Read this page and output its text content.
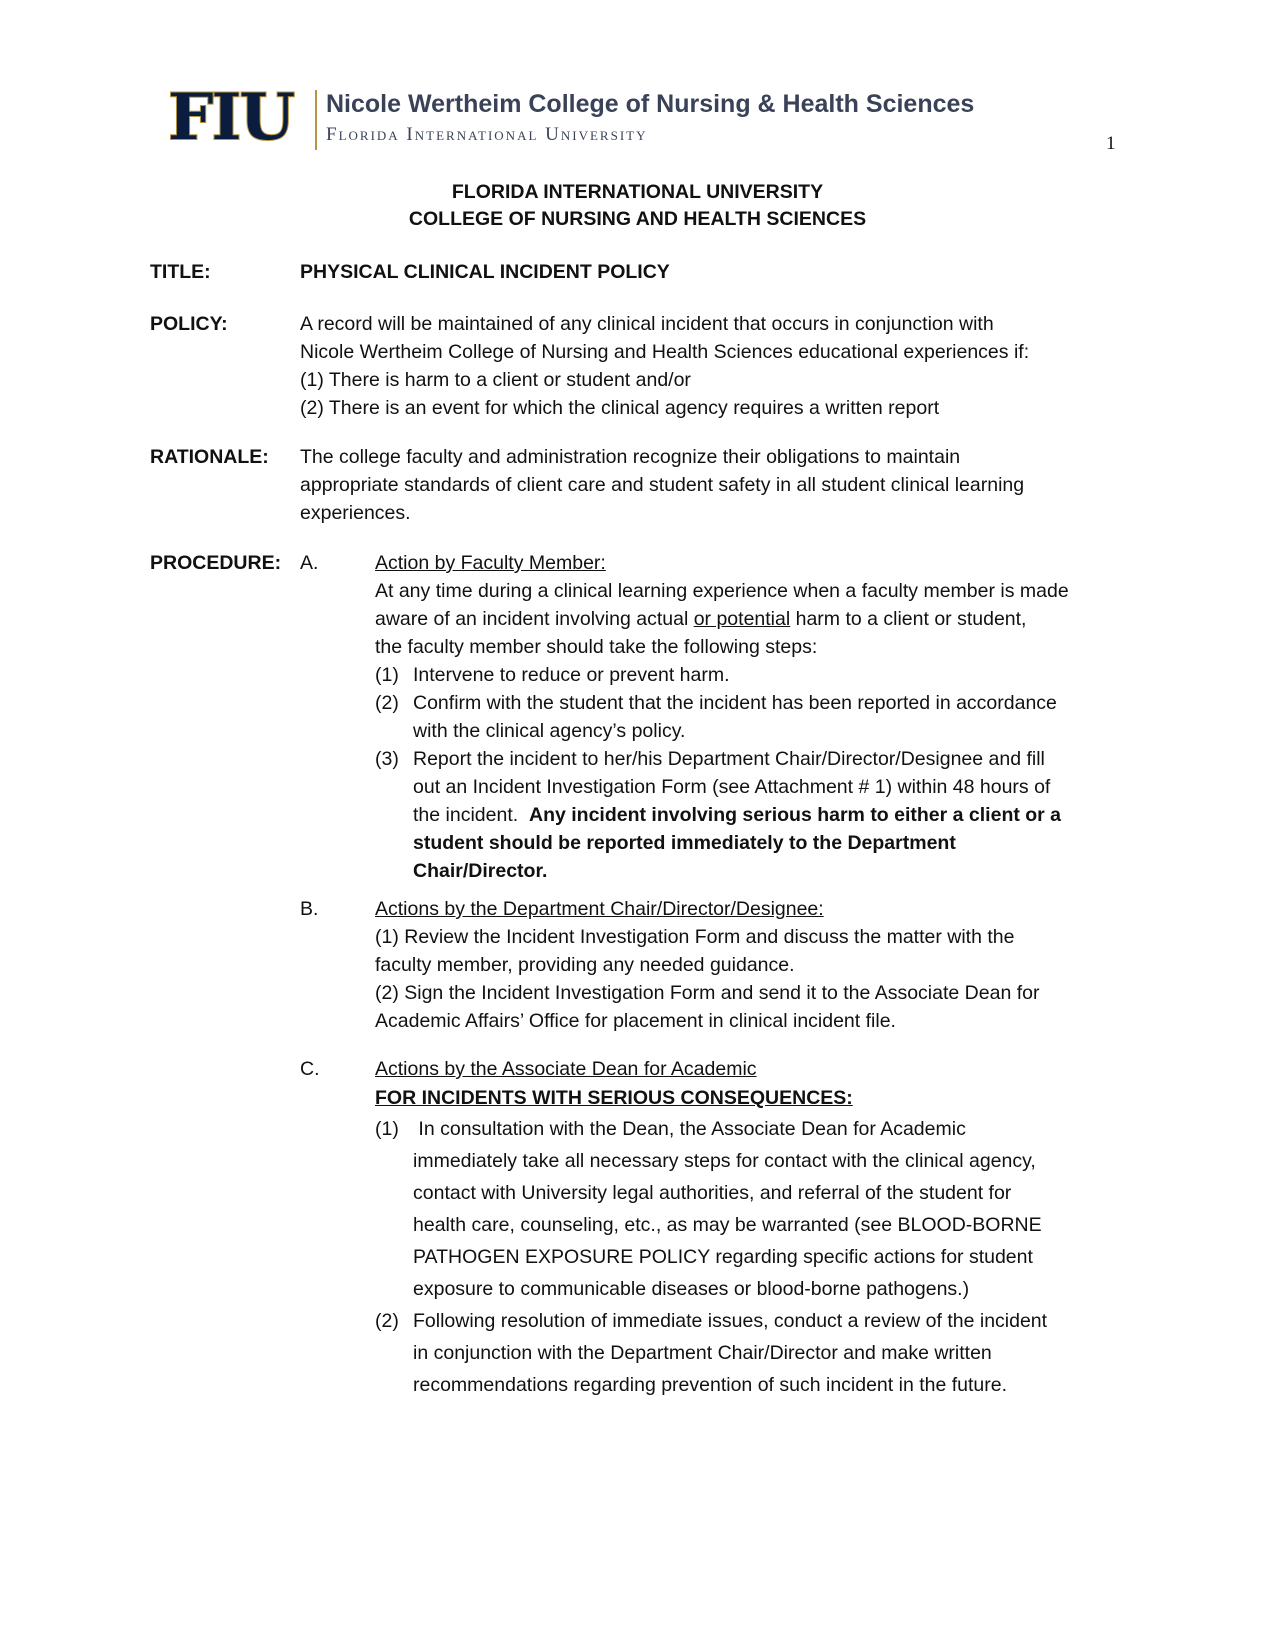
FIU	Nicole Wertheim College of Nursing & Health Sciences
Florida International University	1
FLORIDA INTERNATIONAL UNIVERSITY
COLLEGE OF NURSING AND HEALTH SCIENCES
TITLE:	PHYSICAL CLINICAL INCIDENT POLICY
POLICY:	A record will be maintained of any clinical incident that occurs in conjunction with
Nicole Wertheim College of Nursing and Health Sciences educational experiences if:
(1) There is harm to a client or student and/or
(2) There is an event for which the clinical agency requires a written report
RATIONALE: The college faculty and administration recognize their obligations to maintain
appropriate standards of client care and student safety in all student clinical learning
experiences.
PROCEDURE: A.	Action by Faculty Member:
At any time during a clinical learning experience when a faculty member is made
aware of an incident involving actual or potential harm to a client or student,
the faculty member should take the following steps:
(1) Intervene to reduce or prevent harm.
(2) Confirm with the student that the incident has been reported in accordance
with the clinical agency’s policy.
(3) Report the incident to her/his Department Chair/Director/Designee and fill
out an Incident Investigation Form (see Attachment # 1) within 48 hours of
the incident.  Any incident involving serious harm to either a client or a
student should be reported immediately to the Department
Chair/Director.
B.	Actions by the Department Chair/Director/Designee:
(1) Review the Incident Investigation Form and discuss the matter with the
faculty member, providing any needed guidance.
(2) Sign the Incident Investigation Form and send it to the Associate Dean for
Academic Affairs’ Office for placement in clinical incident file.
C.	Actions by the Associate Dean for Academic
FOR INCIDENTS WITH SERIOUS CONSEQUENCES:
(1) In consultation with the Dean, the Associate Dean for Academic
immediately take all necessary steps for contact with the clinical agency,
contact with University legal authorities, and referral of the student for
health care, counseling, etc., as may be warranted (see BLOOD-BORNE
PATHOGEN EXPOSURE POLICY regarding specific actions for student
exposure to communicable diseases or blood-borne pathogens.)
(2) Following resolution of immediate issues, conduct a review of the incident
in conjunction with the Department Chair/Director and make written
recommendations regarding prevention of such incident in the future.
